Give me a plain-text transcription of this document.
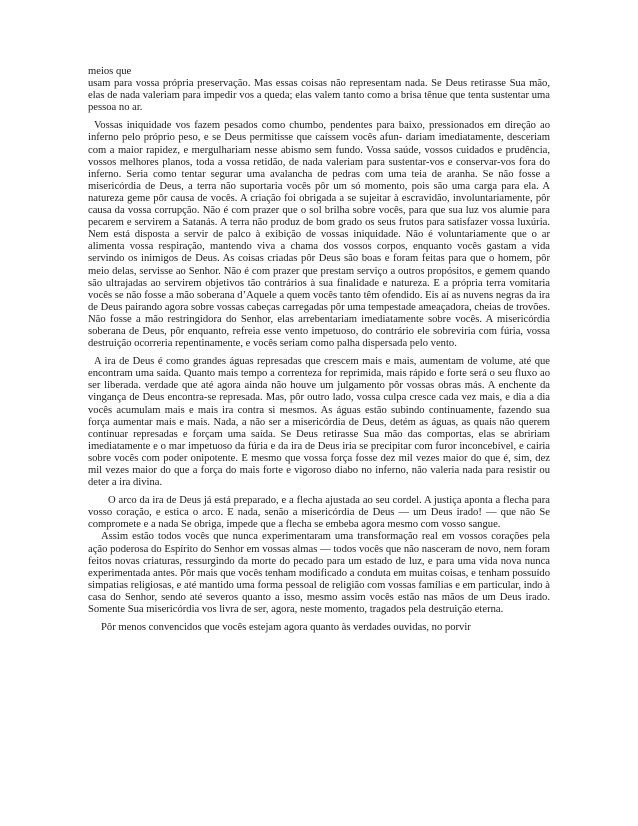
meios que

usam para vossa própria preservação. Mas essas coisas não representam nada. Se Deus retirasse Sua mão, elas de nada valeriam para impedir vos a queda; elas valem tanto como a brisa tênue que tenta sustentar uma pessoa no ar.

Vossas iniquidade vos fazem pesados como chumbo, pendentes para baixo, pressionados em direção ao inferno pelo próprio peso, e se Deus permitisse que caíssem vocês afun- dariam imediatamente, desceriam com a maior rapidez, e mergulhariam nesse abismo sem fundo. Vossa saúde, vossos cuidados e prudência, vossos melhores planos, toda a vossa retidão, de nada valeriam para sustentar-vos e conservar-vos fora do inferno. Seria como tentar segurar uma avalancha de pedras com uma teia de aranha. Se não fosse a misericórdia de Deus, a terra não suportaria vocês pôr um só momento, pois são uma carga para ela. A natureza geme pôr causa de vocês. A criação foi obrigada a se sujeitar à escravidão, involuntariamente, pôr causa da vossa corrupção. Não é com prazer que o sol brilha sobre vocês, para que sua luz vos alumie para pecarem e servirem a Satanás. A terra não produz de bom grado os seus frutos para satisfazer vossa luxúria. Nem está disposta a servir de palco à exibição de vossas iniquidade. Não é voluntariamente que o ar alimenta vossa respiração, mantendo viva a chama dos vossos corpos, enquanto vocês gastam a vida servindo os inimigos de Deus. As coisas criadas pôr Deus são boas e foram feitas para que o homem, pôr meio delas, servisse ao Senhor. Não é com prazer que prestam serviço a outros propósitos, e gemem quando são ultrajadas ao servirem objetivos tão contrários à sua finalidade e natureza. E a própria terra vomitaria vocês se não fosse a mão soberana d’Aquele a quem vocês tanto têm ofendido. Eis aí as nuvens negras da ira de Deus pairando agora sobre vossas cabeças carregadas pôr uma tempestade ameaçadora, cheias de trovões. Não fosse a mão restringidora do Senhor, elas arrebentariam imediatamente sobre vocês. A misericórdia soberana de Deus, pôr enquanto, refreia esse vento impetuoso, do contrário ele sobreviria com fúria, vossa destruição ocorreria repentinamente, e vocês seriam como palha dispersada pelo vento.

A ira de Deus é como grandes águas represadas que crescem mais e mais, aumentam de volume, até que encontram uma saída. Quanto mais tempo a correnteza for reprimida, mais rápido e forte será o seu fluxo ao ser liberada. verdade que até agora ainda não houve um julgamento pôr vossas obras más. A enchente da vingança de Deus encontra-se represada. Mas, pôr outro lado, vossa culpa cresce cada vez mais, e dia a dia vocês acumulam mais e mais ira contra si mesmos. As águas estão subindo continuamente, fazendo sua força aumentar mais e mais. Nada, a não ser a misericórdia de Deus, detém as águas, as quais não querem continuar represadas e forçam uma saída. Se Deus retirasse Sua mão das comportas, elas se abririam imediatamente e o mar impetuoso da fúria e da ira de Deus iria se precipitar com furor inconcebível, e cairia sobre vocês com poder onipotente. E mesmo que vossa força fosse dez mil vezes maior do que é, sim, dez mil vezes maior do que a força do mais forte e vigoroso diabo no inferno, não valeria nada para resistir ou deter a ira divina.

O arco da ira de Deus já está preparado, e a flecha ajustada ao seu cordel. A justiça aponta a flecha para vosso coração, e estica o arco. E nada, senão a misericórdia de Deus — um Deus irado! — que não Se compromete e a nada Se obriga, impede que a flecha se embeba agora mesmo com vosso sangue.

Assim estão todos vocês que nunca experimentaram uma transformação real em vossos corações pela ação poderosa do Espírito do Senhor em vossas almas — todos vocês que não nasceram de novo, nem foram feitos novas criaturas, ressurgindo da morte do pecado para um estado de luz, e para uma vida nova nunca experimentada antes. Pôr mais que vocês tenham modificado a conduta em muitas coisas, e tenham possuído simpatias religiosas, e até mantido uma forma pessoal de religião com vossas famílias e em particular, indo à casa do Senhor, sendo até severos quanto a isso, mesmo assim vocês estão nas mãos de um Deus irado. Somente Sua misericórdia vos livra de ser, agora, neste momento, tragados pela destruição eterna.

Pôr menos convencidos que vocês estejam agora quanto às verdades ouvidas, no porvir
